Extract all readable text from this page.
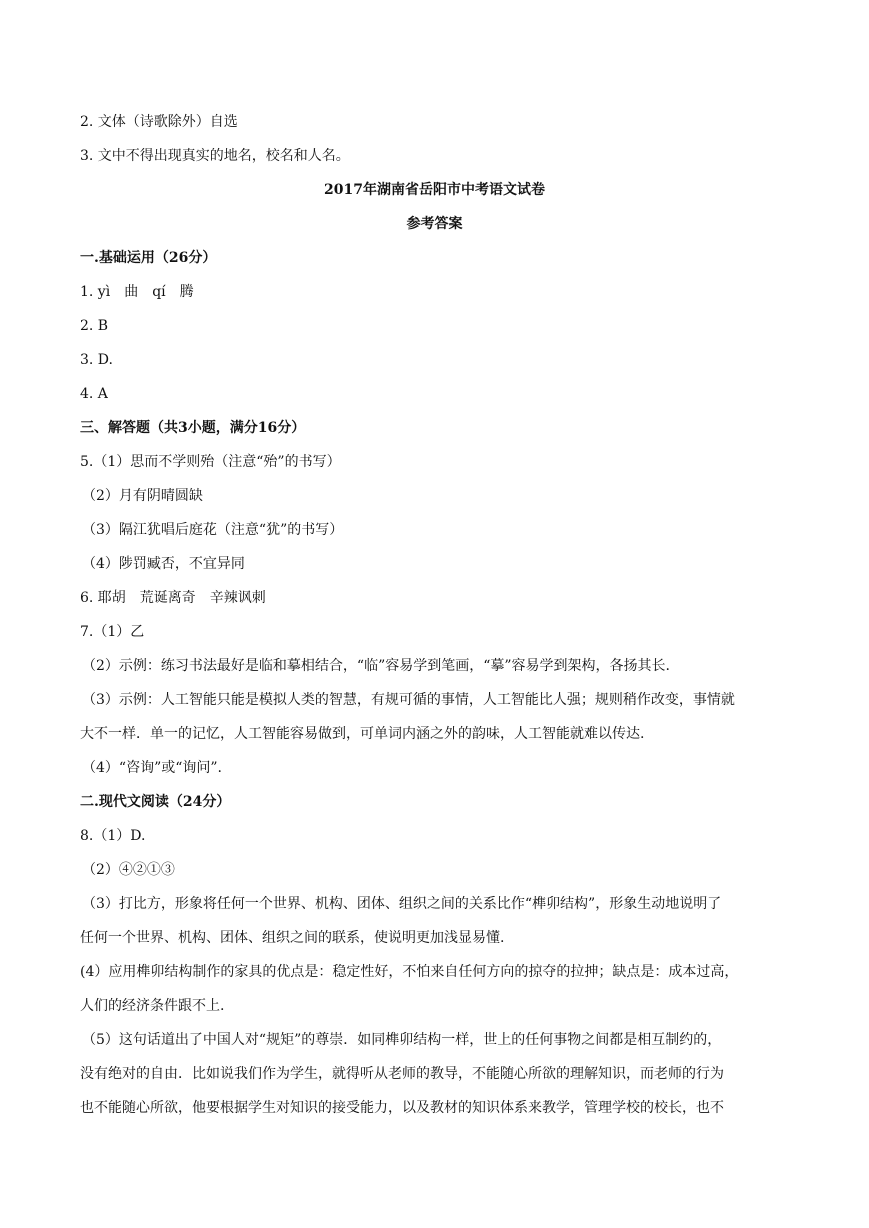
2. 文体（诗歌除外）自选
3. 文中不得出现真实的地名，校名和人名。
2017年湖南省岳阳市中考语文试卷
参考答案
一.基础运用（26分）
1. yì　曲　qí　腾
2. B
3. D.
4. A
三、解答题（共3小题，满分16分）
5.（1）思而不学则殆（注意“殆”的书写）
（2）月有阴晴圆缺
（3）隔江犹唱后庭花（注意“犹”的书写）
（4）陟罚臧否，不宜异同
6. 耶胡　荒诞离奇　辛辣讽刺
7.（1）乙
（2）示例：练习书法最好是临和摹相结合，“临”容易学到笔画，“摹”容易学到架构，各扬其长.
（3）示例：人工智能只能是模拟人类的智慧，有规可循的事情，人工智能比人强；规则稍作改变，事情就
大不一样．单一的记忆，人工智能容易做到，可单词内涵之外的韵味，人工智能就难以传达.
（4）“咨询”或“询问”.
二.现代文阅读（24分）
8.（1）D.
（2）④②①③
（3）打比方，形象将任何一个世界、机构、团体、组织之间的关系比作“榫卯结构”，形象生动地说明了
任何一个世界、机构、团体、组织之间的联系，使说明更加浅显易懂.
(4）应用榫卯结构制作的家具的优点是：稳定性好，不怕来自任何方向的掠夺的拉抻；缺点是：成本过高，
人们的经济条件跟不上.
（5）这句话道出了中国人对“规矩”的尊崇．如同榫卯结构一样，世上的任何事物之间都是相互制约的，
没有绝对的自由．比如说我们作为学生，就得听从老师的教导，不能随心所欲的理解知识，而老师的行为
也不能随心所欲，他要根据学生对知识的接受能力，以及教材的知识体系来教学，管理学校的校长，也不
